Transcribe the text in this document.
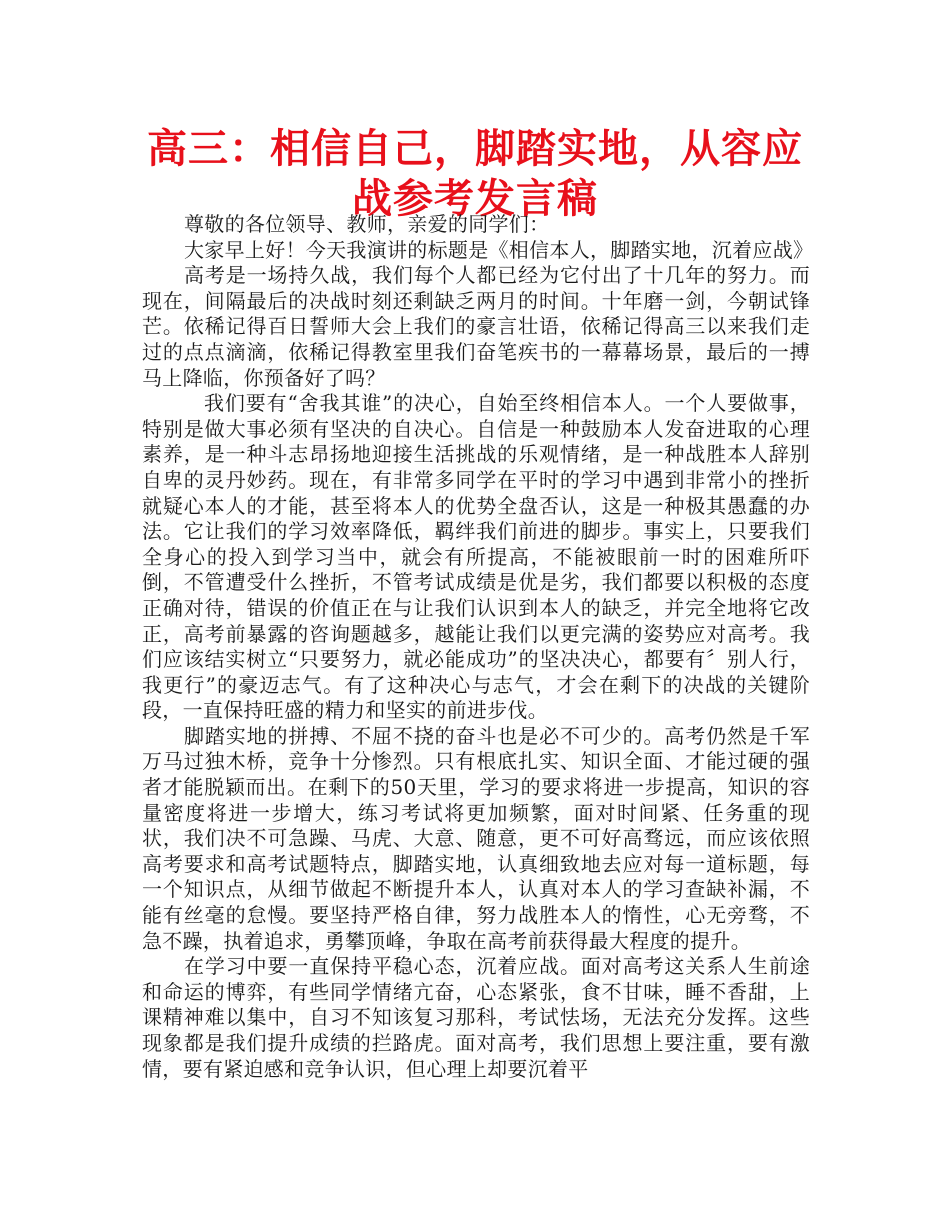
高三：相信自己，脚踏实地，从容应战参考发言稿

尊敬的各位领导、教师，亲爱的同学们：

大家早上好！今天我演讲的标题是《相信本人，脚踏实地，沉着应战》

高考是一场持久战，我们每个人都已经为它付出了十几年的努力。而现在，间隔最后的决战时刻还剩缺乏两月的时间。十年磨一剑，今朝试锋芒。依稀记得百日誓师大会上我们的豪言壮语，依稀记得高三以来我们走过的点点滴滴，依稀记得教室里我们奋笔疾书的一幕幕场景，最后的一搏马上降临，你预备好了吗？

我们要有“舍我其谁”的决心，自始至终相信本人。一个人要做事，特别是做大事必须有坚决的自决心。自信是一种鼓励本人发奋进取的心理素养，是一种斗志昂扬地迎接生活挑战的乐观情绪，是一种战胜本人辞别自卑的灵丹妙药。现在，有非常多同学在平时的学习中遇到非常小的挫折就疑心本人的才能，甚至将本人的优势全盘否认，这是一种极其愚蠢的办法。它让我们的学习效率降低，羁绊我们前进的脚步。事实上，只要我们全身心的投入到学习当中，就会有所提高，不能被眼前一时的困难所吓倒，不管遭受什么挫折，不管考试成绩是优是劣，我们都要以积极的态度正确对待，错误的价值正在与让我们认识到本人的缺乏，并完全地将它改正，高考前暴露的咨询题越多，越能让我们以更完满的姿势应对高考。我们应该结实树立“只要努力，就必能成功”的坚决决心，都要有〞别人行，我更行”的豪迈志气。有了这种决心与志气，才会在剩下的决战的关键阶段，一直保持旺盛的精力和坚实的前进步伐。

脚踏实地的拼搏、不屈不挠的奋斗也是必不可少的。高考仍然是千军万马过独木桥，竞争十分惨烈。只有根底扎实、知识全面、才能过硬的强者才能脱颖而出。在剩下的50天里，学习的要求将进一步提高，知识的容量密度将进一步增大，练习考试将更加频繁，面对时间紧、任务重的现状，我们决不可急躁、马虎、大意、随意，更不可好高骛远，而应该依照高考要求和高考试题特点，脚踏实地，认真细致地去应对每一道标题，每一个知识点，从细节做起不断提升本人，认真对本人的学习查缺补漏，不能有丝毫的怠慢。要坚持严格自律，努力战胜本人的惰性，心无旁骛，不急不躁，执着追求，勇攀顶峰，争取在高考前获得最大程度的提升。

在学习中要一直保持平稳心态，沉着应战。面对高考这关系人生前途和命运的博弈，有些同学情绪亢奋，心态紧张，食不甘味，睡不香甜，上课精神难以集中，自习不知该复习那科，考试怯场，无法充分发挥。这些现象都是我们提升成绩的拦路虎。面对高考，我们思想上要注重，要有激情，要有紧迫感和竞争认识，但心理上却要沉着平
